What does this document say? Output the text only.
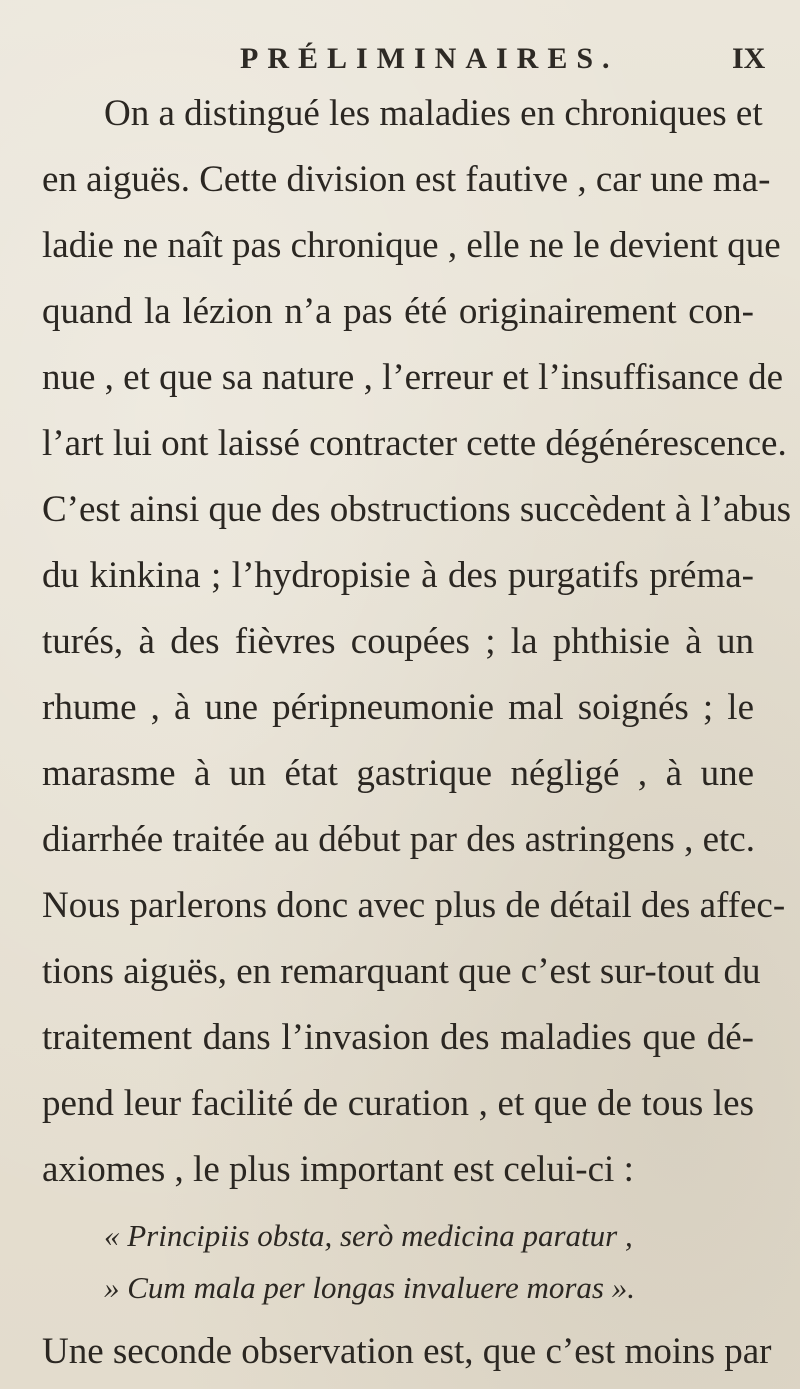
PRÉLIMINAIRES.	IX
On a distingué les maladies en chroniques et
en aiguës. Cette division est fautive , car une ma-
ladie ne naît pas chronique , elle ne le devient que
quand la lézion n’a pas été originairement con-
nue , et que sa nature , l’erreur et l’insuffisance de
l’art lui ont laissé contracter cette dégénérescence.
C’est ainsi que des obstructions succèdent à l’abus
du kinkina ; l’hydropisie à des purgatifs préma-
turés, à des fièvres coupées ; la phthisie à un
rhume , à une péripneumonie mal soignés ; le
marasme à un état gastrique négligé , à une
diarrhée traitée au début par des astringens , etc.
Nous parlerons donc avec plus de détail des affec-
tions aiguës, en remarquant que c’est sur-tout du
traitement dans l’invasion des maladies que dé-
pend leur facilité de curation , et que de tous les
axiomes , le plus important est celui-ci :
« Principiis obsta, serò medicina paratur ,
» Cum mala per longas invaluere moras ».
Une seconde observation est, que c’est moins par
